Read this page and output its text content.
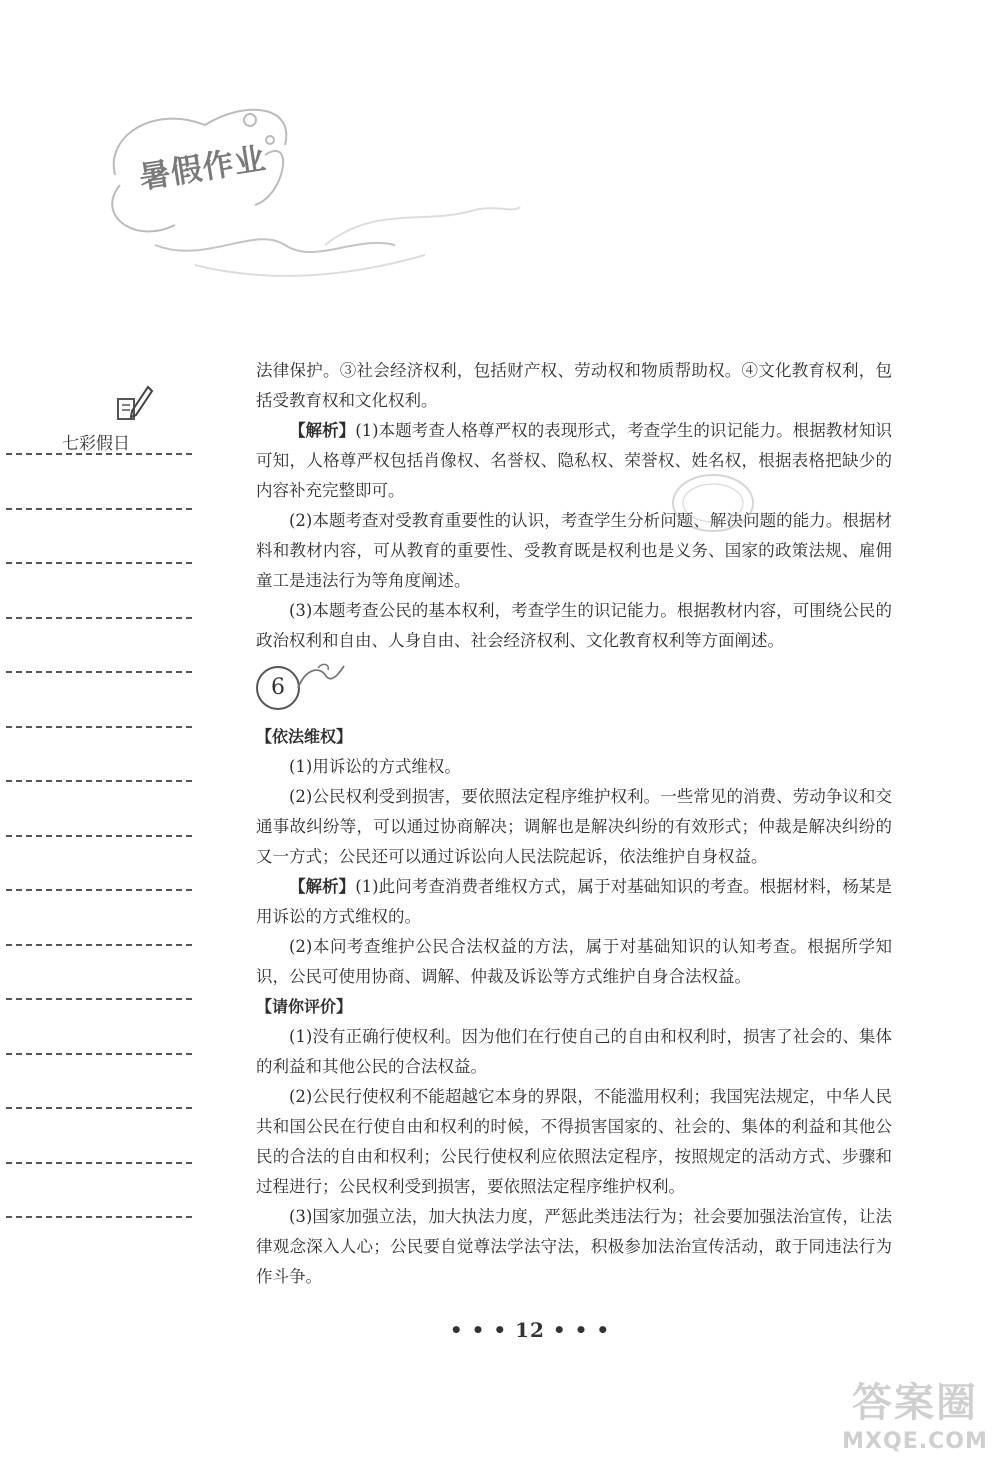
暑假作业
七彩假日

法律保护。③社会经济权利，包括财产权、劳动权和物质帮助权。④文化教育权利，包括受教育权和文化权利。

【解析】(1)本题考查人格尊严权的表现形式，考查学生的识记能力。根据教材知识可知，人格尊严权包括肖像权、名誉权、隐私权、荣誉权、姓名权，根据表格把缺少的内容补充完整即可。

(2)本题考查对受教育重要性的认识，考查学生分析问题、解决问题的能力。根据材料和教材内容，可从教育的重要性、受教育既是权利也是义务、国家的政策法规、雇佣童工是违法行为等角度阐述。

(3)本题考查公民的基本权利，考查学生的识记能力。根据教材内容，可围绕公民的政治权利和自由、人身自由、社会经济权利、文化教育权利等方面阐述。

6

【依法维权】

(1)用诉讼的方式维权。

(2)公民权利受到损害，要依照法定程序维护权利。一些常见的消费、劳动争议和交通事故纠纷等，可以通过协商解决；调解也是解决纠纷的有效形式；仲裁是解决纠纷的又一方式；公民还可以通过诉讼向人民法院起诉，依法维护自身权益。

【解析】(1)此问考查消费者维权方式，属于对基础知识的考查。根据材料，杨某是用诉讼的方式维权的。

(2)本问考查维护公民合法权益的方法，属于对基础知识的认知考查。根据所学知识，公民可使用协商、调解、仲裁及诉讼等方式维护自身合法权益。

【请你评价】

(1)没有正确行使权利。因为他们在行使自己的自由和权利时，损害了社会的、集体的利益和其他公民的合法权益。

(2)公民行使权利不能超越它本身的界限，不能滥用权利；我国宪法规定，中华人民共和国公民在行使自由和权利的时候，不得损害国家的、社会的、集体的利益和其他公民的合法的自由和权利；公民行使权利应依照法定程序，按照规定的活动方式、步骤和过程进行；公民权利受到损害，要依照法定程序维护权利。

(3)国家加强立法，加大执法力度，严惩此类违法行为；社会要加强法治宣传，让法律观念深入人心；公民要自觉尊法学法守法，积极参加法治宣传活动，敢于同违法行为作斗争。

• • • 12 • • •
答案圈
MXQE.COM
